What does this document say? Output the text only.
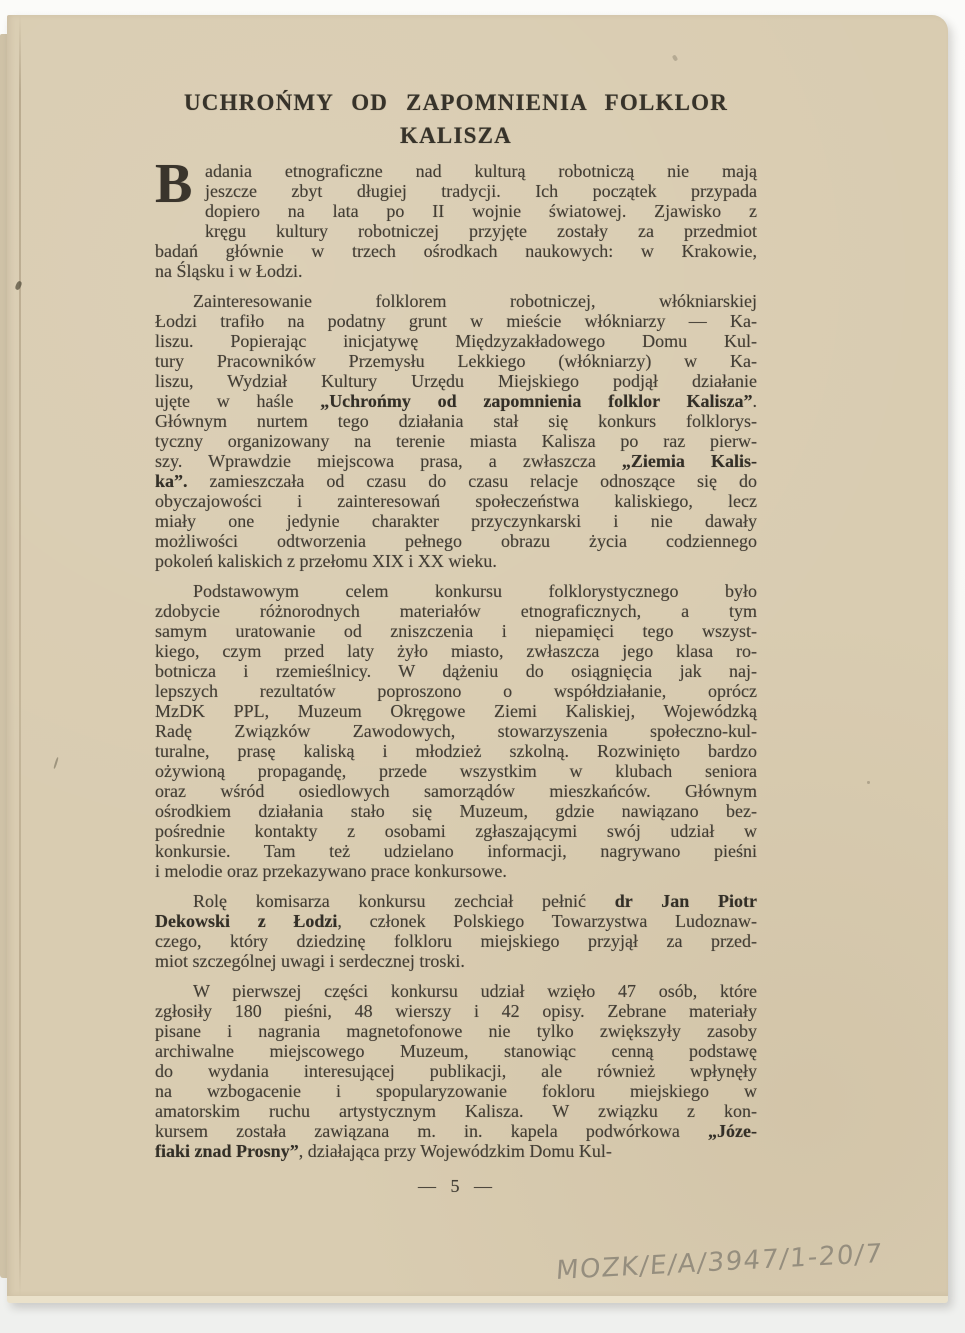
UCHROŃMY OD ZAPOMNIENIA FOLKLOR
KALISZA
B adania etnograficzne nad kulturą robotniczą nie mają
jeszcze zbyt długiej tradycji. Ich początek przypada
dopiero na lata po II wojnie światowej. Zjawisko z
kręgu kultury robotniczej przyjęte zostały za przedmiot
badań głównie w trzech ośrodkach naukowych: w Krakowie,
na Śląsku i w Łodzi.
Zainteresowanie folklorem robotniczej, włókniarskiej
Łodzi trafiło na podatny grunt w mieście włókniarzy — Ka-
liszu. Popierając inicjatywę Międzyzakładowego Domu Kul-
tury Pracowników Przemysłu Lekkiego (włókniarzy) w Ka-
liszu, Wydział Kultury Urzędu Miejskiego podjął działanie
ujęte w haśle „Uchrońmy od zapomnienia folklor Kalisza”.
Głównym nurtem tego działania stał się konkurs folklorys-
tyczny organizowany na terenie miasta Kalisza po raz pierw-
szy. Wprawdzie miejscowa prasa, a zwłaszcza „Ziemia Kalis-
ka”. zamieszczała od czasu do czasu relacje odnoszące się do
obyczajowości i zainteresowań społeczeństwa kaliskiego, lecz
miały one jedynie charakter przyczynkarski i nie dawały
możliwości odtworzenia pełnego obrazu życia codziennego
pokoleń kaliskich z przełomu XIX i XX wieku.
Podstawowym celem konkursu folklorystycznego było
zdobycie różnorodnych materiałów etnograficznych, a tym
samym uratowanie od zniszczenia i niepamięci tego wszyst-
kiego, czym przed laty żyło miasto, zwłaszcza jego klasa ro-
botnicza i rzemieślnicy. W dążeniu do osiągnięcia jak naj-
lepszych rezultatów poproszono o współdziałanie, oprócz
MzDK PPL, Muzeum Okręgowe Ziemi Kaliskiej, Wojewódzką
Radę Związków Zawodowych, stowarzyszenia społeczno-kul-
turalne, prasę kaliską i młodzież szkolną. Rozwinięto bardzo
ożywioną propagandę, przede wszystkim w klubach seniora
oraz wśród osiedlowych samorządów mieszkańców. Głównym
ośrodkiem działania stało się Muzeum, gdzie nawiązano bez-
pośrednie kontakty z osobami zgłaszającymi swój udział w
konkursie. Tam też udzielano informacji, nagrywano pieśni
i melodie oraz przekazywano prace konkursowe.
Rolę komisarza konkursu zechciał pełnić dr Jan Piotr
Dekowski z Łodzi, członek Polskiego Towarzystwa Ludoznaw-
czego, który dziedzinę folkloru miejskiego przyjął za przed-
miot szczególnej uwagi i serdecznej troski.
W pierwszej części konkursu udział wzięło 47 osób, które
zgłosiły 180 pieśni, 48 wierszy i 42 opisy. Zebrane materiały
pisane i nagrania magnetofonowe nie tylko zwiększyły zasoby
archiwalne miejscowego Muzeum, stanowiąc cenną podstawę
do wydania interesującej publikacji, ale również wpłynęły
na wzbogacenie i spopularyzowanie fokloru miejskiego w
amatorskim ruchu artystycznym Kalisza. W związku z kon-
kursem została zawiązana m. in. kapela podwórkowa „Józe-
fiaki znad Prosny”, działająca przy Wojewódzkim Domu Kul-
— 5 —
MOZK/E/A/3947/1-20/7
